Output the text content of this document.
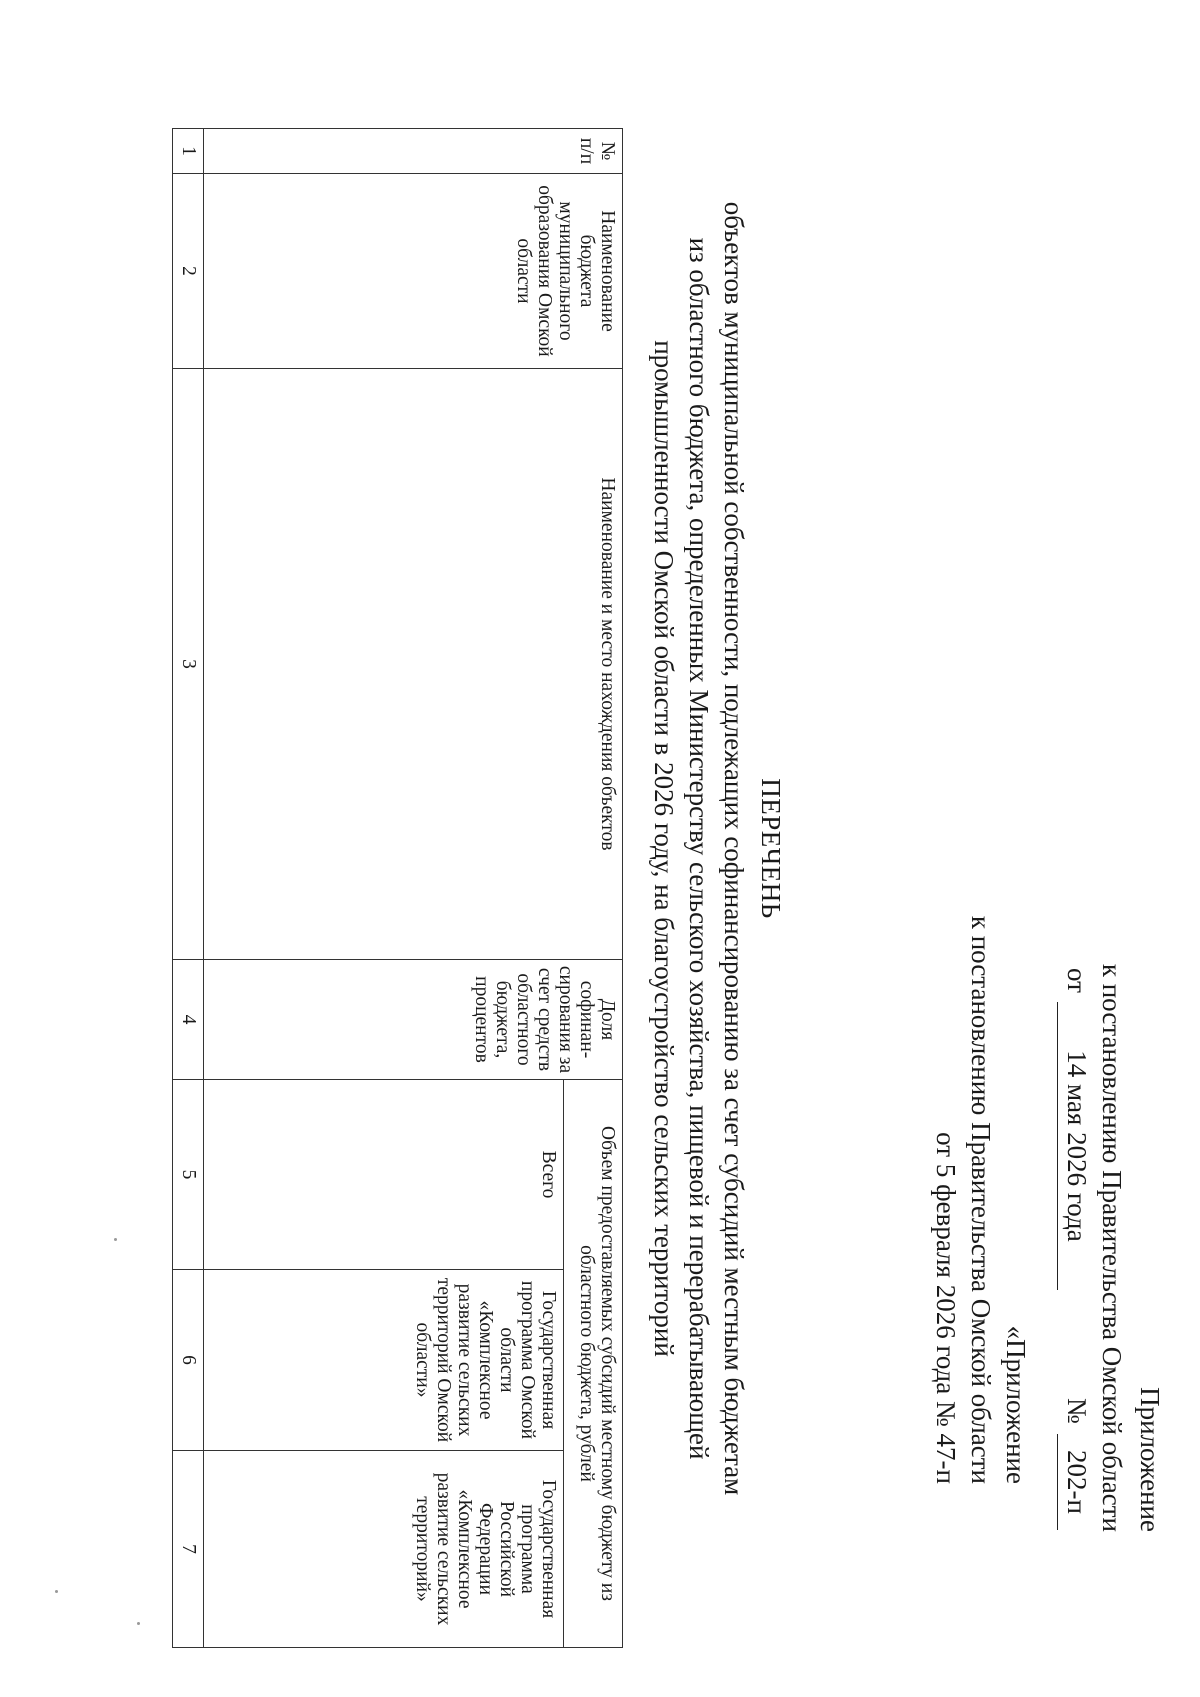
Приложение
к постановлению Правительства Омской области
от
14 мая 2026 года
№
202-п
«Приложение
к постановлению Правительства Омской области
от 5 февраля 2026 года № 47-п
ПЕРЕЧЕНЬ
объектов муниципальной собственности, подлежащих софинансированию за счет субсидий местным бюджетам
из областного бюджета, определенных Министерству сельского хозяйства, пищевой и перерабатывающей
промышленности Омской области в 2026 году, на благоустройство сельских территорий
№ п/п	Наименование бюджета муниципального образования Омской области	Наименование и место нахождения объектов	Доля софинан-сирования за счет средств областного бюджета, процентов	Объем предоставляемых субсидий местному бюджету из областного бюджета, рублей		
				Всего	Государственная программа Омской области «Комплексное развитие сельских территорий Омской области»	Государственная программа Российской Федерации «Комплексное развитие сельских территорий»
1	2	3	4	5	6	7
